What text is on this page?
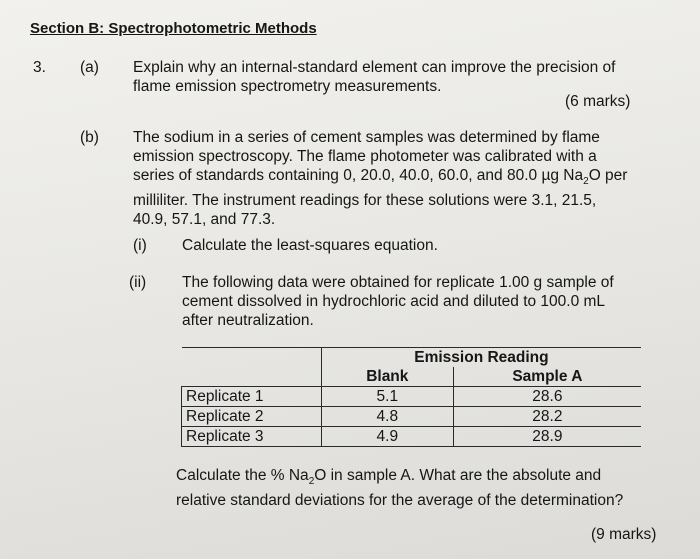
Section B: Spectrophotometric Methods
3. (a) Explain why an internal-standard element can improve the precision of
flame emission spectrometry measurements.
(6 marks)
(b) The sodium in a series of cement samples was determined by flame
emission spectroscopy. The flame photometer was calibrated with a
series of standards containing 0, 20.0, 40.0, 60.0, and 80.0 µg $Na_2O$ per
milliliter. The instrument readings for these solutions were 3.1, 21.5,
40.9, 57.1, and 77.3.
(i) Calculate the least-squares equation.
(ii) The following data were obtained for replicate 1.00 g sample of
cement dissolved in hydrochloric acid and diluted to 100.0 mL
after neutralization.
	Emission Reading	
	Blank	Sample A
Replicate 1	5.1	28.6
Replicate 2	4.8	28.2
Replicate 3	4.9	28.9
Calculate the % $Na_2O$ in sample A. What are the absolute and
relative standard deviations for the average of the determination?
(9 marks)
